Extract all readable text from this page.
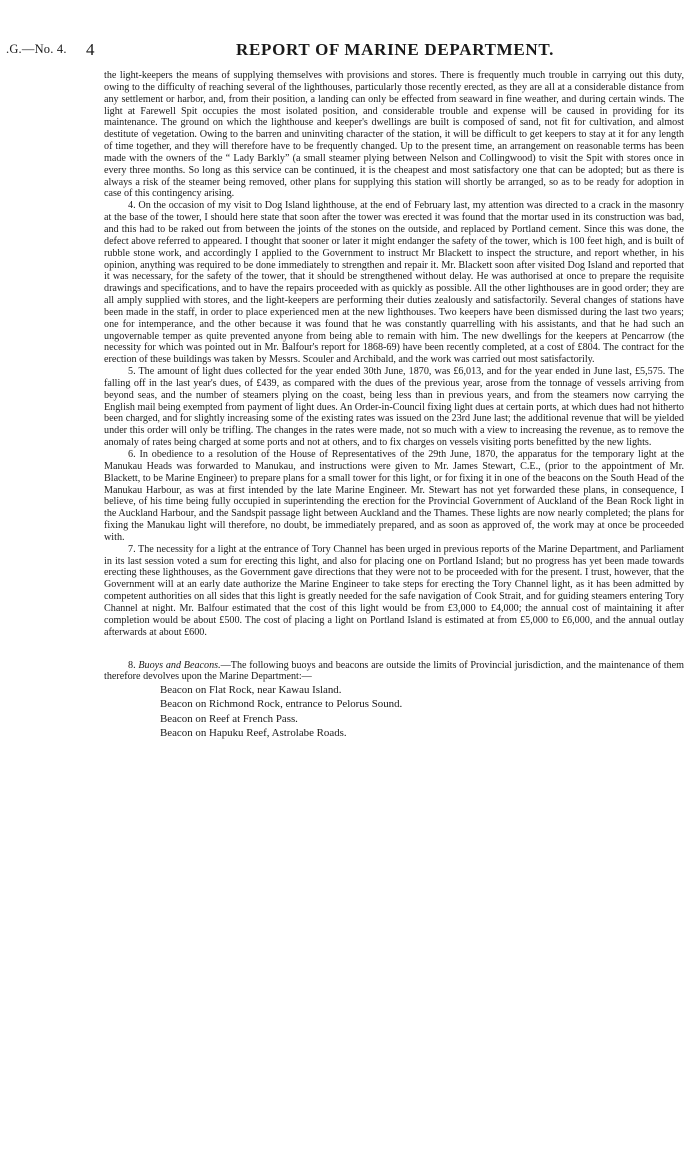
.G.—No. 4. 4	REPORT OF MARINE DEPARTMENT.

the light-keepers the means of supplying themselves with provisions and stores. There is frequently much trouble in carrying out this duty, owing to the difficulty of reaching several of the lighthouses, particularly those recently erected, as they are all at a considerable distance from any settlement or harbor, and, from their position, a landing can only be effected from seaward in fine weather, and during certain winds. The light at Farewell Spit occupies the most isolated position, and considerable trouble and expense will be caused in providing for its maintenance. The ground on which the lighthouse and keeper's dwellings are built is composed of sand, not fit for cultivation, and almost destitute of vegetation. Owing to the barren and uninviting character of the station, it will be difficult to get keepers to stay at it for any length of time together, and they will therefore have to be frequently changed. Up to the present time, an arrangement on reasonable terms has been made with the owners of the “ Lady Barkly” (a small steamer plying between Nelson and Collingwood) to visit the Spit with stores once in every three months. So long as this service can be continued, it is the cheapest and most satisfactory one that can be adopted; but as there is always a risk of the steamer being removed, other plans for supplying this station will shortly be arranged, so as to be ready for adoption in case of this contingency arising.

4. On the occasion of my visit to Dog Island lighthouse, at the end of February last, my attention was directed to a crack in the masonry at the base of the tower, I should here state that soon after the tower was erected it was found that the mortar used in its construction was bad, and this had to be raked out from between the joints of the stones on the outside, and replaced by Portland cement. Since this was done, the defect above referred to appeared. I thought that sooner or later it might endanger the safety of the tower, which is 100 feet high, and is built of rubble stone work, and accordingly I applied to the Government to instruct Mr Blackett to inspect the structure, and report whether, in his opinion, anything was required to be done immediately to strengthen and repair it. Mr. Blackett soon after visited Dog Island and reported that it was necessary, for the safety of the tower, that it should be strengthened without delay. He was authorised at once to prepare the requisite drawings and specifications, and to have the repairs proceeded with as quickly as possible. All the other lighthouses are in good order; they are all amply supplied with stores, and the light-keepers are performing their duties zealously and satisfactorily. Several changes of stations have been made in the staff, in order to place experienced men at the new lighthouses. Two keepers have been dismissed during the last two years; one for intemperance, and the other because it was found that he was constantly quarrelling with his assistants, and that he had such an ungovernable temper as quite prevented anyone from being able to remain with him. The new dwellings for the keepers at Pencarrow (the necessity for which was pointed out in Mr. Balfour's report for 1868-69) have been recently completed, at a cost of £804. The contract for the erection of these buildings was taken by Messrs. Scouler and Archibald, and the work was carried out most satisfactorily.

5. The amount of light dues collected for the year ended 30th June, 1870, was £6,013, and for the year ended in June last, £5,575. The falling off in the last year's dues, of £439, as compared with the dues of the previous year, arose from the tonnage of vessels arriving from beyond seas, and the number of steamers plying on the coast, being less than in previous years, and from the steamers now carrying the English mail being exempted from payment of light dues. An Order-in-Council fixing light dues at certain ports, at which dues had not hitherto been charged, and for slightly increasing some of the existing rates was issued on the 23rd June last; the additional revenue that will be yielded under this order will only be trifling. The changes in the rates were made, not so much with a view to increasing the revenue, as to remove the anomaly of rates being charged at some ports and not at others, and to fix charges on vessels visiting ports benefitted by the new lights.

6. In obedience to a resolution of the House of Representatives of the 29th June, 1870, the apparatus for the temporary light at the Manukau Heads was forwarded to Manukau, and instructions were given to Mr. James Stewart, C.E., (prior to the appointment of Mr. Blackett, to be Marine Engineer) to prepare plans for a small tower for this light, or for fixing it in one of the beacons on the South Head of the Manukau Harbour, as was at first intended by the late Marine Engineer. Mr. Stewart has not yet forwarded these plans, in consequence, I believe, of his time being fully occupied in superintending the erection for the Provincial Government of Auckland of the Bean Rock light in the Auckland Harbour, and the Sandspit passage light between Auckland and the Thames. These lights are now nearly completed; the plans for fixing the Manukau light will therefore, no doubt, be immediately prepared, and as soon as approved of, the work may at once be proceeded with.

7. The necessity for a light at the entrance of Tory Channel has been urged in previous reports of the Marine Department, and Parliament in its last session voted a sum for erecting this light, and also for placing one on Portland Island; but no progress has yet been made towards erecting these lighthouses, as the Government gave directions that they were not to be proceeded with for the present. I trust, however, that the Government will at an early date authorize the Marine Engineer to take steps for erecting the Tory Channel light, as it has been admitted by competent authorities on all sides that this light is greatly needed for the safe navigation of Cook Strait, and for guiding steamers entering Tory Channel at night. Mr. Balfour estimated that the cost of this light would be from £3,000 to £4,000; the annual cost of maintaining it after completion would be about £500. The cost of placing a light on Portland Island is estimated at from £5,000 to £6,000, and the annual outlay afterwards at about £600.

8. Buoys and Beacons.—The following buoys and beacons are outside the limits of Provincial jurisdiction, and the maintenance of them therefore devolves upon the Marine Department:—

Beacon on Flat Rock, near Kawau Island.
Beacon on Richmond Rock, entrance to Pelorus Sound.
Beacon on Reef at French Pass.
Beacon on Hapuku Reef, Astrolabe Roads.
